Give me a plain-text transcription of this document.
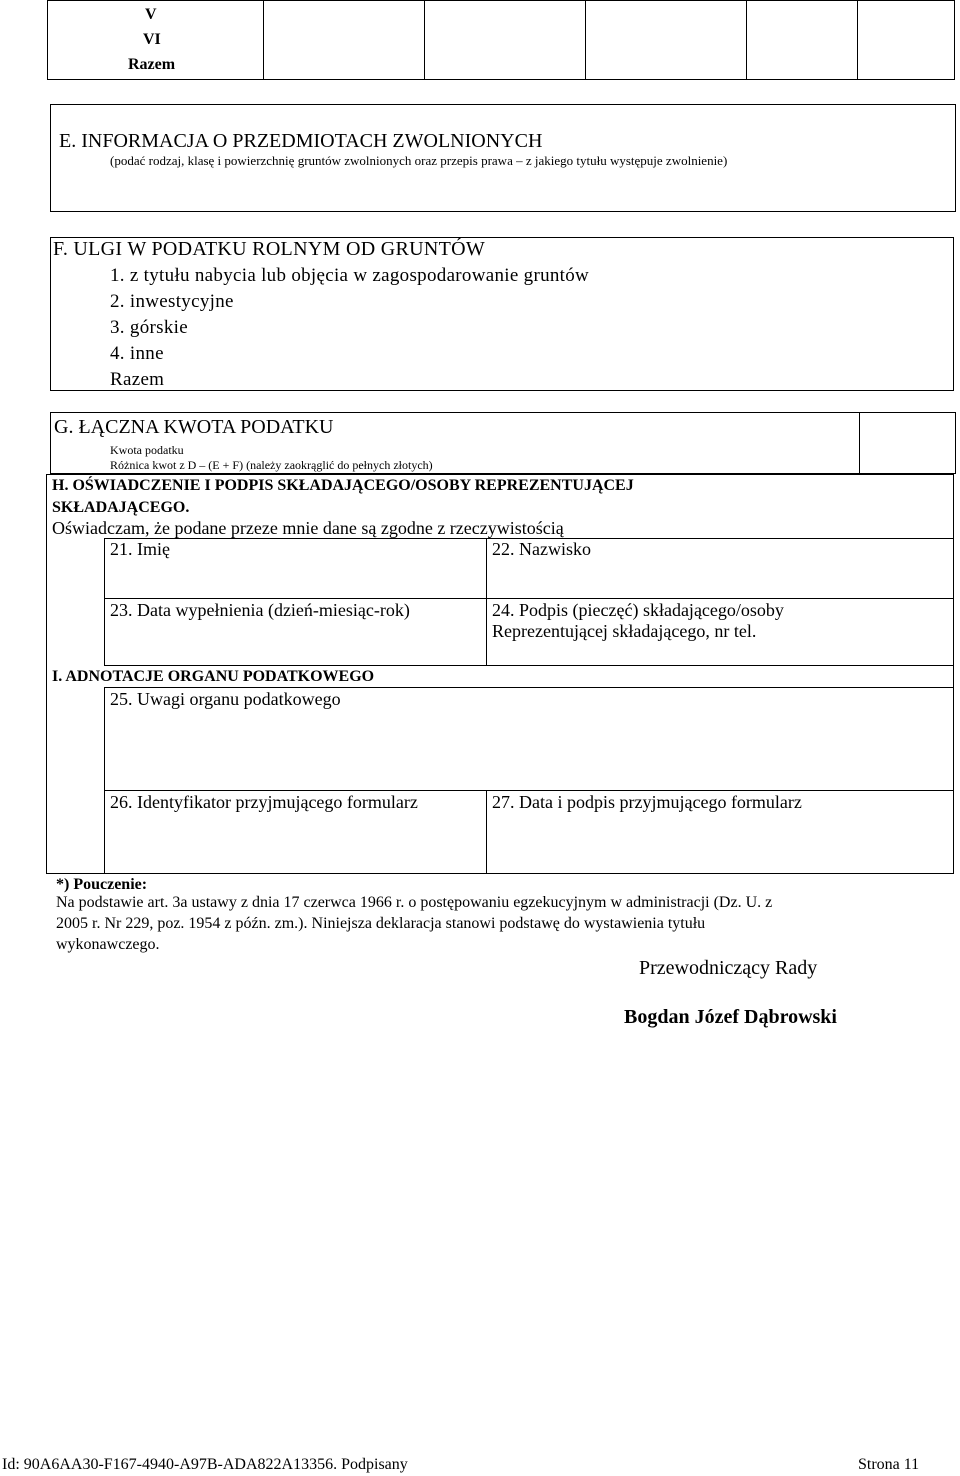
V
VI
Razem
E. INFORMACJA O PRZEDMIOTACH ZWOLNIONYCH
(podać rodzaj, klasę i powierzchnię gruntów zwolnionych oraz przepis prawa – z jakiego tytułu występuje zwolnienie)
F. ULGI W PODATKU ROLNYM OD GRUNTÓW
1. z tytułu nabycia lub objęcia w zagospodarowanie gruntów
2. inwestycyjne
3. górskie
4. inne
Razem
G. ŁĄCZNA KWOTA PODATKU
Kwota podatku
Różnica kwot z D – (E + F) (należy zaokrąglić do pełnych złotych)
H. OŚWIADCZENIE I PODPIS SKŁADAJĄCEGO/OSOBY REPREZENTUJĄCEJ
SKŁADAJĄCEGO.
Oświadczam, że podane przeze mnie dane są zgodne z rzeczywistością
21. Imię	22. Nazwisko
23. Data wypełnienia (dzień-miesiąc-rok)	24. Podpis (pieczęć) składającego/osoby
Reprezentującej składającego, nr tel.
I. ADNOTACJE ORGANU PODATKOWEGO
25. Uwagi organu podatkowego
26. Identyfikator przyjmującego formularz	27. Data i podpis przyjmującego formularz
*) Pouczenie:
Na podstawie art. 3a ustawy z dnia 17 czerwca 1966 r. o postępowaniu egzekucyjnym w administracji (Dz. U. z
2005 r. Nr 229, poz. 1954 z późn. zm.). Niniejsza deklaracja stanowi podstawę do wystawienia tytułu
wykonawczego.
Przewodniczący Rady
Bogdan Józef Dąbrowski
Id: 90A6AA30-F167-4940-A97B-ADA822A13356. Podpisany	Strona 11
